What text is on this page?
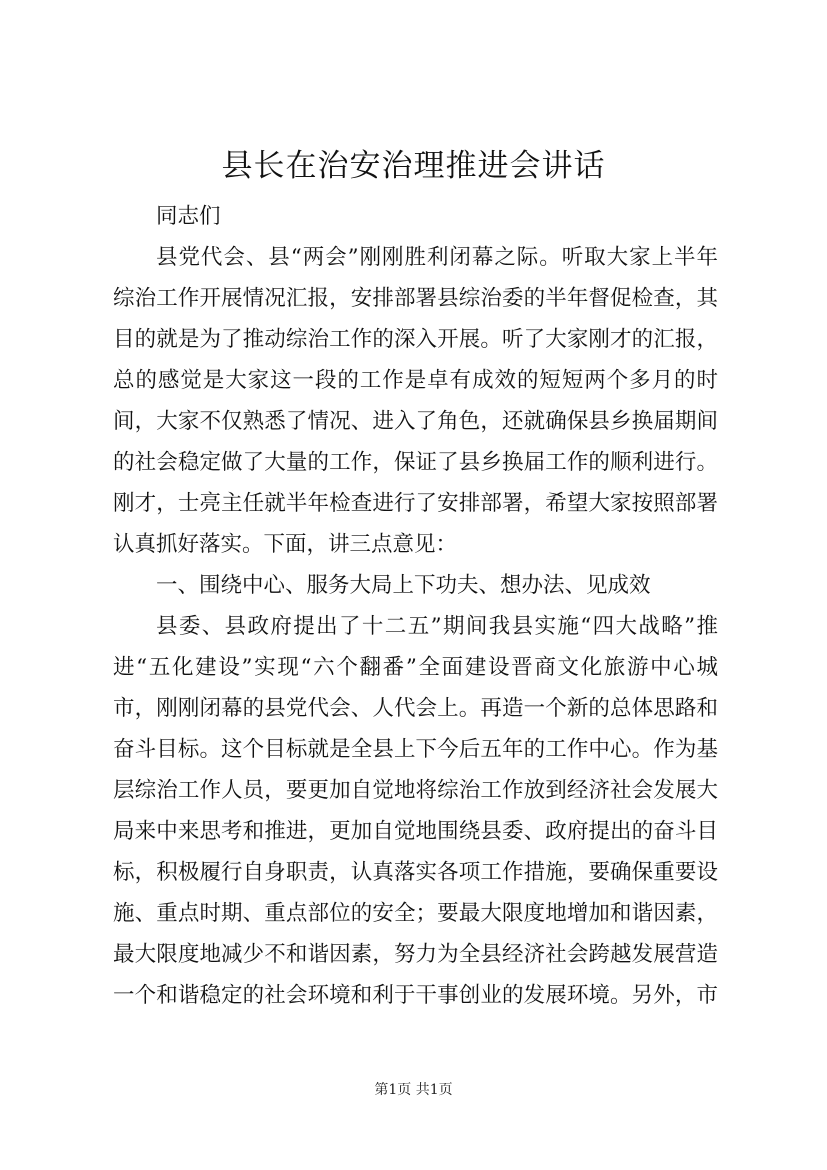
县长在治安治理推进会讲话
同志们
县党代会、县“两会”刚刚胜利闭幕之际。听取大家上半年
综治工作开展情况汇报，安排部署县综治委的半年督促检查，其
目的就是为了推动综治工作的深入开展。听了大家刚才的汇报，
总的感觉是大家这一段的工作是卓有成效的短短两个多月的时
间，大家不仅熟悉了情况、进入了角色，还就确保县乡换届期间
的社会稳定做了大量的工作，保证了县乡换届工作的顺利进行。
刚才，士亮主任就半年检查进行了安排部署，希望大家按照部署
认真抓好落实。下面，讲三点意见：
一、围绕中心、服务大局上下功夫、想办法、见成效
县委、县政府提出了十二五”期间我县实施“四大战略”推
进“五化建设”实现“六个翻番”全面建设晋商文化旅游中心城
市，刚刚闭幕的县党代会、人代会上。再造一个新的总体思路和
奋斗目标。这个目标就是全县上下今后五年的工作中心。作为基
层综治工作人员，要更加自觉地将综治工作放到经济社会发展大
局来中来思考和推进，更加自觉地围绕县委、政府提出的奋斗目
标，积极履行自身职责，认真落实各项工作措施，要确保重要设
施、重点时期、重点部位的安全；要最大限度地增加和谐因素，
最大限度地减少不和谐因素，努力为全县经济社会跨越发展营造
一个和谐稳定的社会环境和利于干事创业的发展环境。另外，市
第1页 共1页
